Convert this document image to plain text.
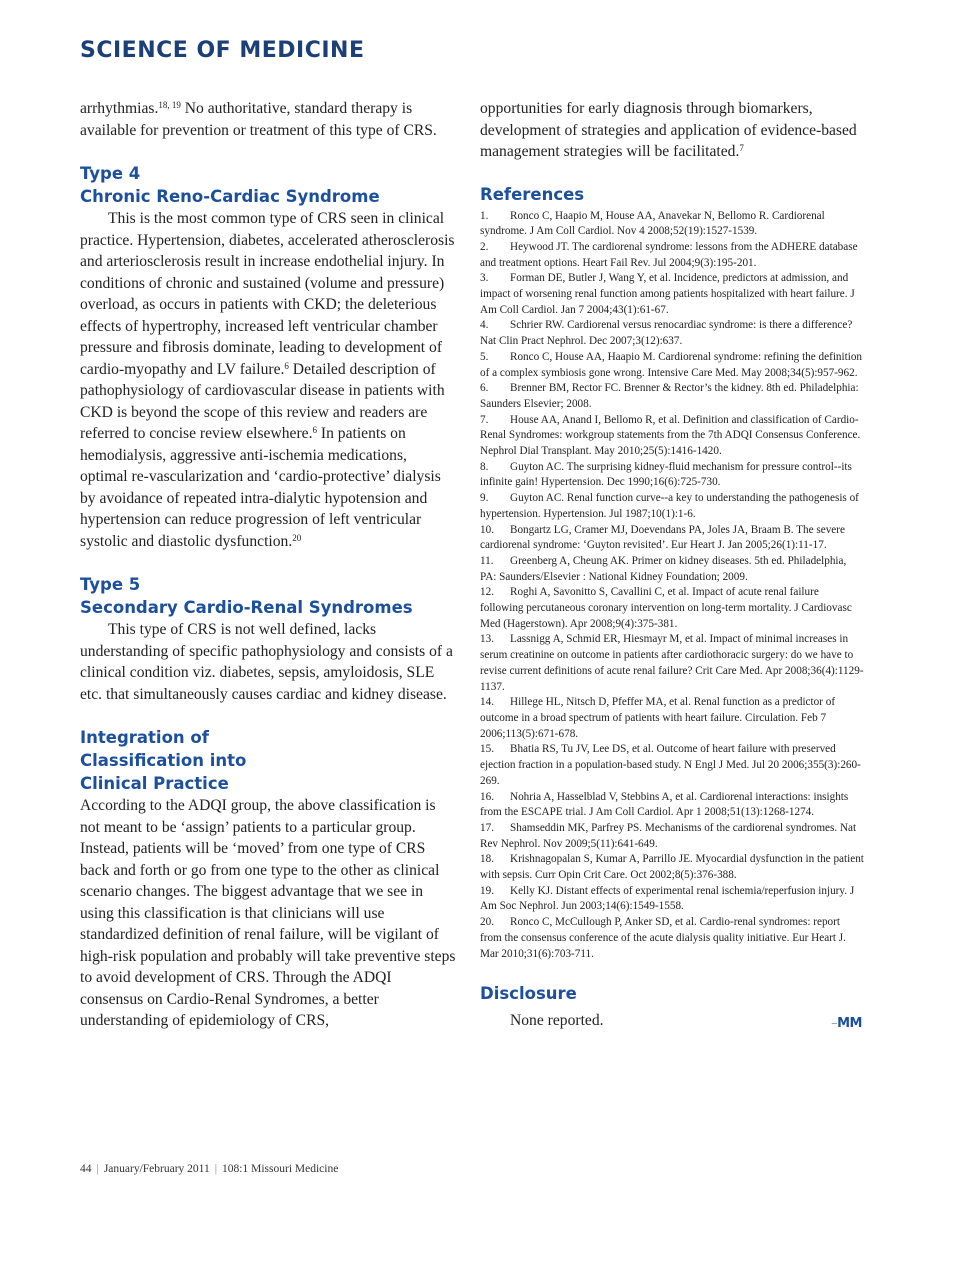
SCIENCE OF MEDICINE

arrhythmias.$^{18, 19}$ No authoritative, standard therapy is available for prevention or treatment of this type of CRS.

Type 4
Chronic Reno-Cardiac Syndrome

This is the most common type of CRS seen in clinical practice. Hypertension, diabetes, accelerated atherosclerosis and arteriosclerosis result in increase endothelial injury. In conditions of chronic and sustained (volume and pressure) overload, as occurs in patients with CKD; the deleterious effects of hypertrophy, increased left ventricular chamber pressure and fibrosis dominate, leading to development of cardio-myopathy and LV failure.$^6$ Detailed description of pathophysiology of cardiovascular disease in patients with CKD is beyond the scope of this review and readers are referred to concise review elsewhere.$^6$ In patients on hemodialysis, aggressive anti-ischemia medications, optimal re-vascularization and ‘cardio-protective’ dialysis by avoidance of repeated intra-dialytic hypotension and hypertension can reduce progression of left ventricular systolic and diastolic dysfunction.$^{20}$

Type 5
Secondary Cardio-Renal Syndromes

This type of CRS is not well defined, lacks understanding of specific pathophysiology and consists of a clinical condition viz. diabetes, sepsis, amyloidosis, SLE etc. that simultaneously causes cardiac and kidney disease.

Integration of
Classification into
Clinical Practice

According to the ADQI group, the above classification is not meant to be ‘assign’ patients to a particular group. Instead, patients will be ‘moved’ from one type of CRS back and forth or go from one type to the other as clinical scenario changes. The biggest advantage that we see in using this classification is that clinicians will use standardized definition of renal failure, will be vigilant of high-risk population and probably will take preventive steps to avoid development of CRS. Through the ADQI consensus on Cardio-Renal Syndromes, a better understanding of epidemiology of CRS,

opportunities for early diagnosis through biomarkers, development of strategies and application of evidence-based management strategies will be facilitated.$^7$

References

1. Ronco C, Haapio M, House AA, Anavekar N, Bellomo R. Cardiorenal syndrome. J Am Coll Cardiol. Nov 4 2008;52(19):1527-1539.

2. Heywood JT. The cardiorenal syndrome: lessons from the ADHERE database and treatment options. Heart Fail Rev. Jul 2004;9(3):195-201.

3. Forman DE, Butler J, Wang Y, et al. Incidence, predictors at admission, and impact of worsening renal function among patients hospitalized with heart failure. J Am Coll Cardiol. Jan 7 2004;43(1):61-67.

4. Schrier RW. Cardiorenal versus renocardiac syndrome: is there a difference? Nat Clin Pract Nephrol. Dec 2007;3(12):637.

5. Ronco C, House AA, Haapio M. Cardiorenal syndrome: refining the definition of a complex symbiosis gone wrong. Intensive Care Med. May 2008;34(5):957-962.

6. Brenner BM, Rector FC. Brenner & Rector’s the kidney. 8th ed. Philadelphia: Saunders Elsevier; 2008.

7. House AA, Anand I, Bellomo R, et al. Definition and classification of Cardio-Renal Syndromes: workgroup statements from the 7th ADQI Consensus Conference. Nephrol Dial Transplant. May 2010;25(5):1416-1420.

8. Guyton AC. The surprising kidney-fluid mechanism for pressure control--its infinite gain! Hypertension. Dec 1990;16(6):725-730.

9. Guyton AC. Renal function curve--a key to understanding the pathogenesis of hypertension. Hypertension. Jul 1987;10(1):1-6.

10. Bongartz LG, Cramer MJ, Doevendans PA, Joles JA, Braam B. The severe cardiorenal syndrome: ‘Guyton revisited’. Eur Heart J. Jan 2005;26(1):11-17.

11. Greenberg A, Cheung AK. Primer on kidney diseases. 5th ed. Philadelphia, PA: Saunders/Elsevier : National Kidney Foundation; 2009.

12. Roghi A, Savonitto S, Cavallini C, et al. Impact of acute renal failure following percutaneous coronary intervention on long-term mortality. J Cardiovasc Med (Hagerstown). Apr 2008;9(4):375-381.

13. Lassnigg A, Schmid ER, Hiesmayr M, et al. Impact of minimal increases in serum creatinine on outcome in patients after cardiothoracic surgery: do we have to revise current definitions of acute renal failure? Crit Care Med. Apr 2008;36(4):1129-1137.

14. Hillege HL, Nitsch D, Pfeffer MA, et al. Renal function as a predictor of outcome in a broad spectrum of patients with heart failure. Circulation. Feb 7 2006;113(5):671-678.

15. Bhatia RS, Tu JV, Lee DS, et al. Outcome of heart failure with preserved ejection fraction in a population-based study. N Engl J Med. Jul 20 2006;355(3):260-269.

16. Nohria A, Hasselblad V, Stebbins A, et al. Cardiorenal interactions: insights from the ESCAPE trial. J Am Coll Cardiol. Apr 1 2008;51(13):1268-1274.

17. Shamseddin MK, Parfrey PS. Mechanisms of the cardiorenal syndromes. Nat Rev Nephrol. Nov 2009;5(11):641-649.

18. Krishnagopalan S, Kumar A, Parrillo JE. Myocardial dysfunction in the patient with sepsis. Curr Opin Crit Care. Oct 2002;8(5):376-388.

19. Kelly KJ. Distant effects of experimental renal ischemia/reperfusion injury. J Am Soc Nephrol. Jun 2003;14(6):1549-1558.

20. Ronco C, McCullough P, Anker SD, et al. Cardio-renal syndromes: report from the consensus conference of the acute dialysis quality initiative. Eur Heart J. Mar 2010;31(6):703-711.

Disclosure

None reported.	–MM
44 | January/February 2011 | 108:1 Missouri Medicine
